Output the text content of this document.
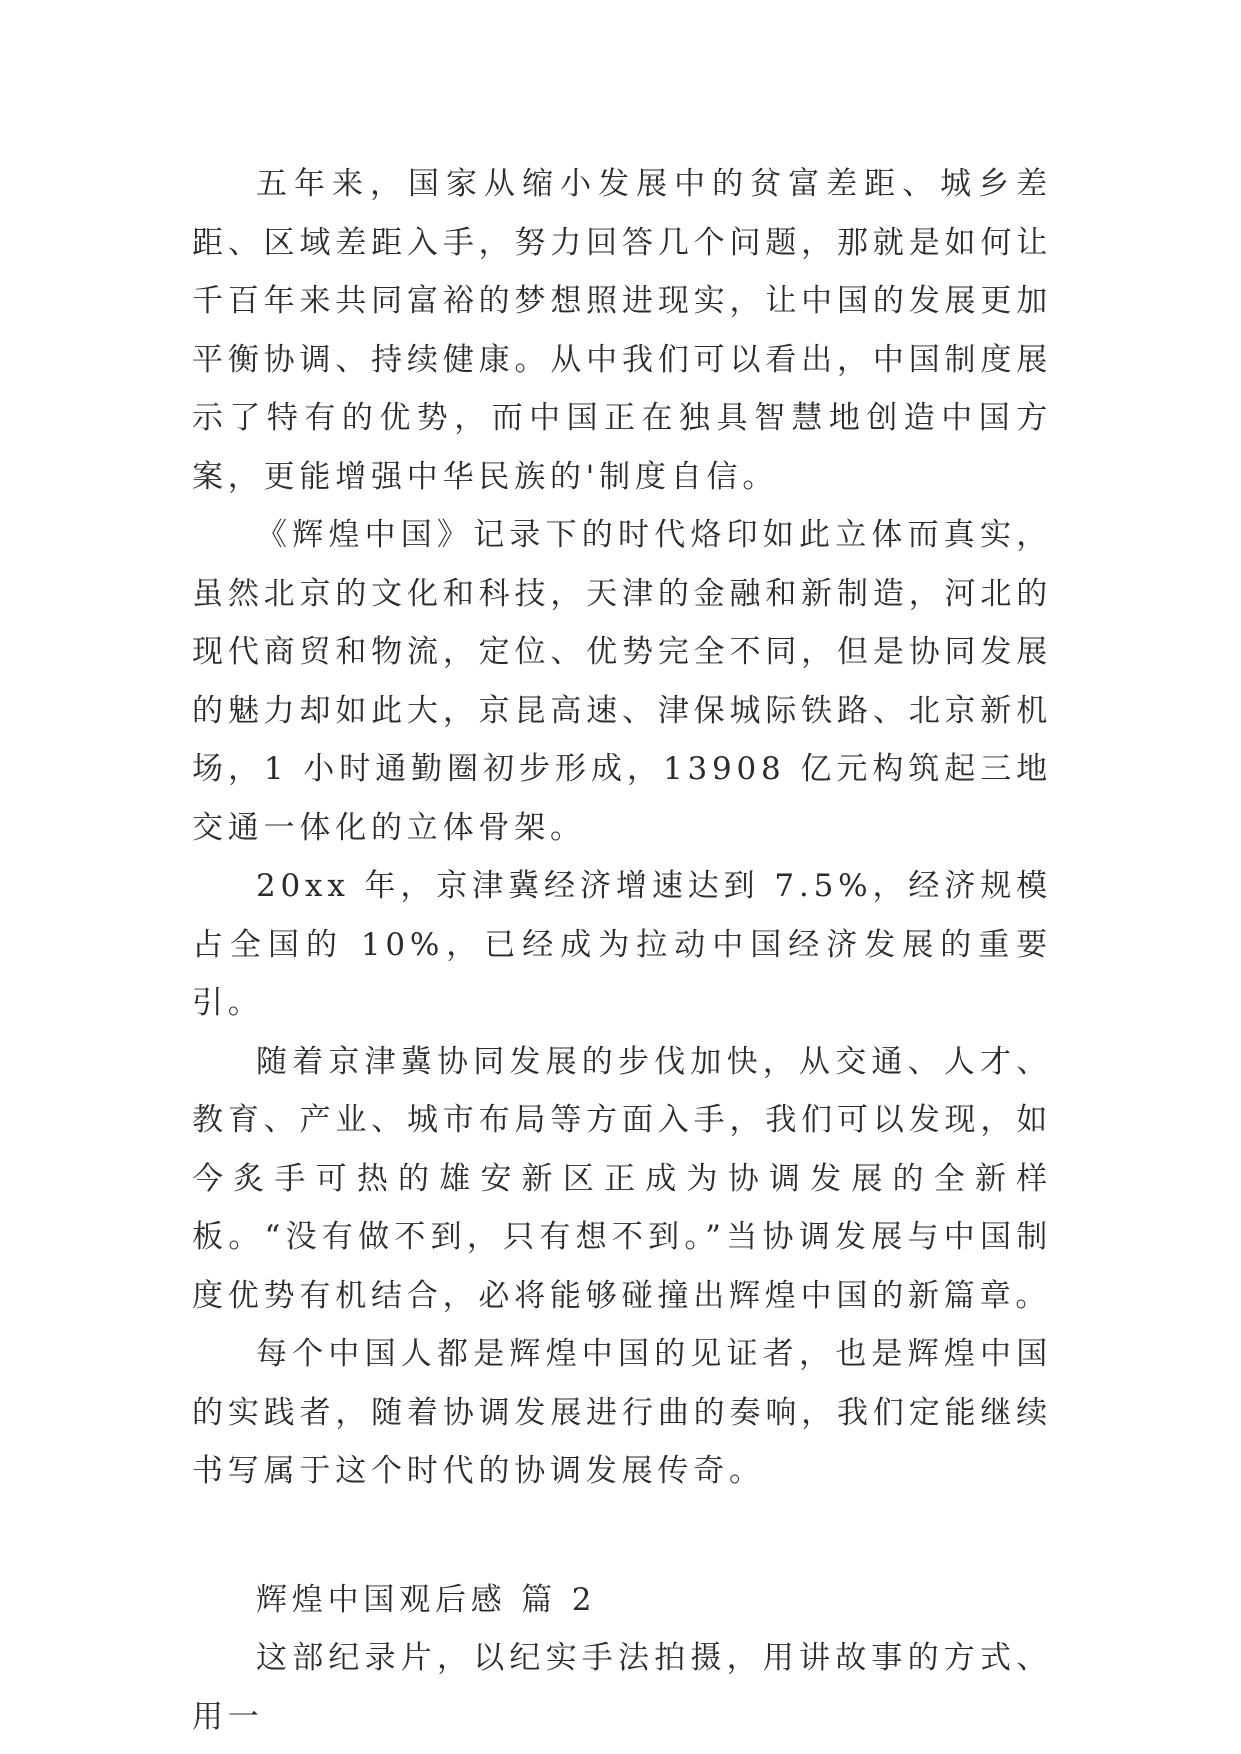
五年来，国家从缩小发展中的贫富差距、城乡差距、区域差距入手，努力回答几个问题，那就是如何让千百年来共同富裕的梦想照进现实，让中国的发展更加平衡协调、持续健康。从中我们可以看出，中国制度展示了特有的优势，而中国正在独具智慧地创造中国方案，更能增强中华民族的'制度自信。

《辉煌中国》记录下的时代烙印如此立体而真实，虽然北京的文化和科技，天津的金融和新制造，河北的现代商贸和物流，定位、优势完全不同，但是协同发展的魅力却如此大，京昆高速、津保城际铁路、北京新机场，1 小时通勤圈初步形成，13908 亿元构筑起三地交通一体化的立体骨架。

20xx 年，京津冀经济增速达到 7.5%，经济规模占全国的 10%，已经成为拉动中国经济发展的重要引。

随着京津冀协同发展的步伐加快，从交通、人才、教育、产业、城市布局等方面入手，我们可以发现，如今炙手可热的雄安新区正成为协调发展的全新样板。“没有做不到，只有想不到。”当协调发展与中国制度优势有机结合，必将能够碰撞出辉煌中国的新篇章。

每个中国人都是辉煌中国的见证者，也是辉煌中国的实践者，随着协调发展进行曲的奏响，我们定能继续书写属于这个时代的协调发展传奇。

辉煌中国观后感 篇 2

这部纪录片，以纪实手法拍摄，用讲故事的方式、用一
